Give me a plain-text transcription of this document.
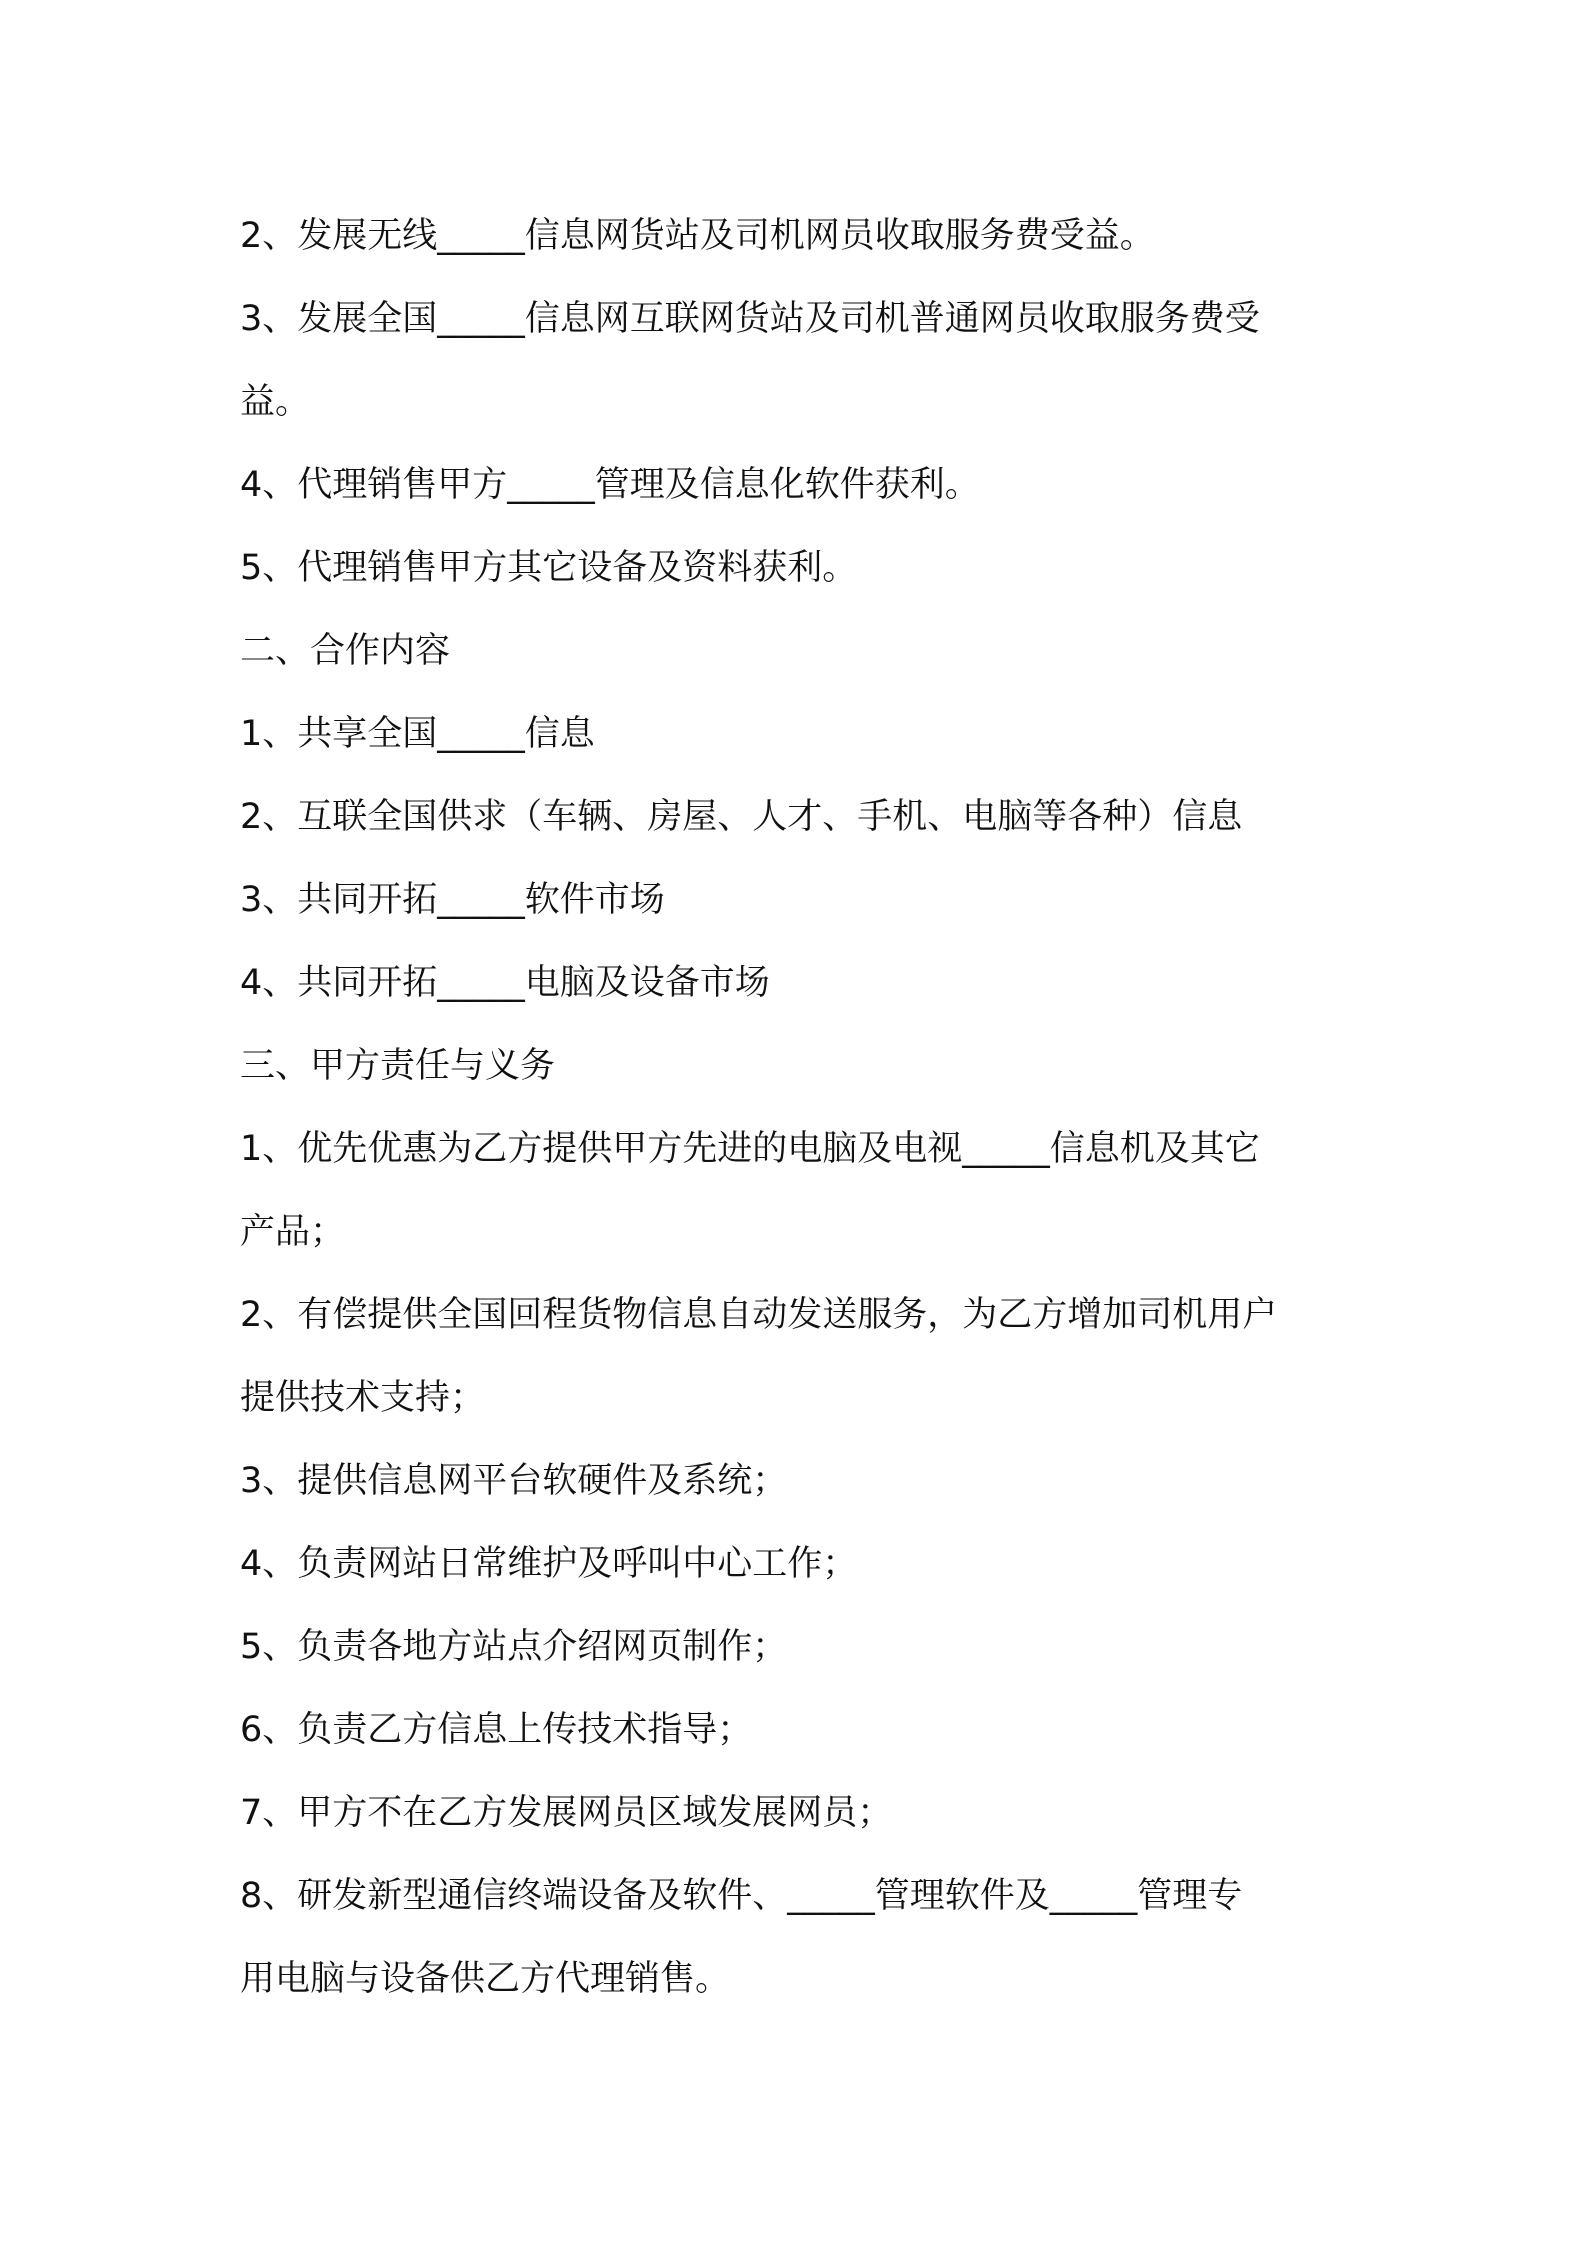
2、发展无线_____信息网货站及司机网员收取服务费受益。
3、发展全国_____信息网互联网货站及司机普通网员收取服务费受
益。
4、代理销售甲方_____管理及信息化软件获利。
5、代理销售甲方其它设备及资料获利。
二、合作内容
1、共享全国_____信息
2、互联全国供求（车辆、房屋、人才、手机、电脑等各种）信息
3、共同开拓_____软件市场
4、共同开拓_____电脑及设备市场
三、甲方责任与义务
1、优先优惠为乙方提供甲方先进的电脑及电视_____信息机及其它
产品；
2、有偿提供全国回程货物信息自动发送服务，为乙方增加司机用户
提供技术支持；
3、提供信息网平台软硬件及系统；
4、负责网站日常维护及呼叫中心工作；
5、负责各地方站点介绍网页制作；
6、负责乙方信息上传技术指导；
7、甲方不在乙方发展网员区域发展网员；
8、研发新型通信终端设备及软件、_____管理软件及_____管理专
用电脑与设备供乙方代理销售。
